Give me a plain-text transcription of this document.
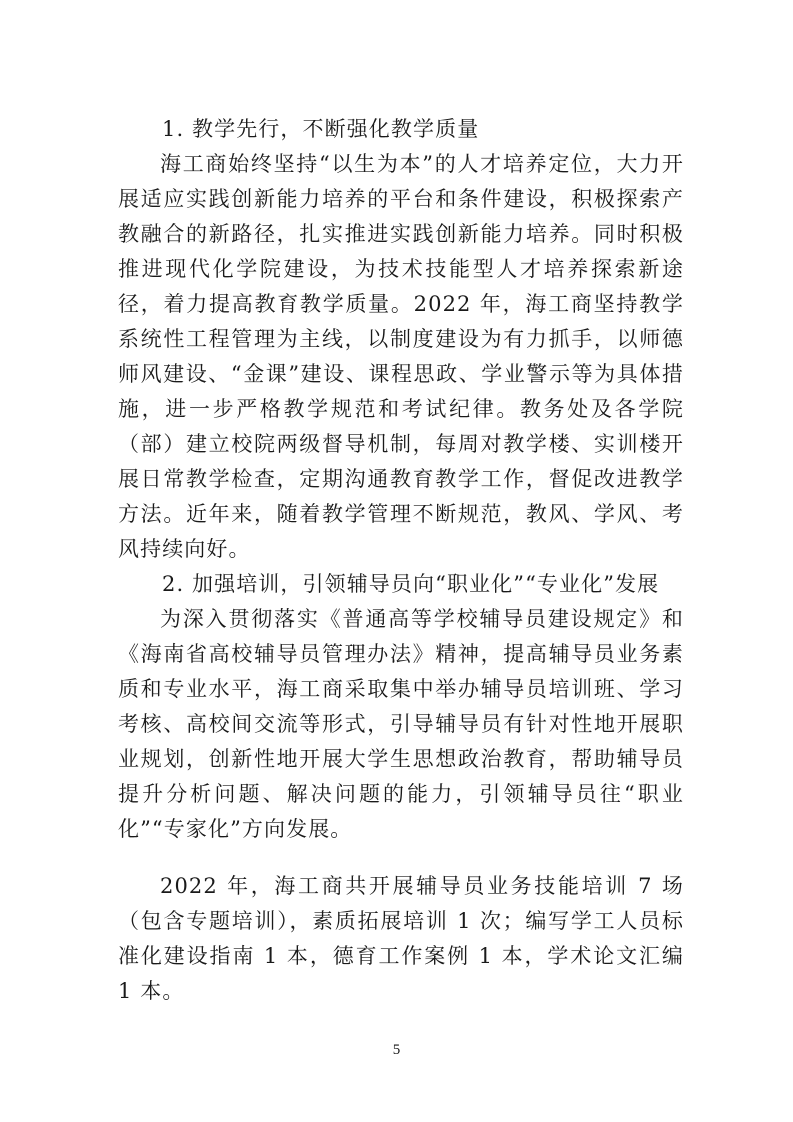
1. 教学先行，不断强化教学质量

海工商始终坚持“以生为本”的人才培养定位，大力开展适应实践创新能力培养的平台和条件建设，积极探索产教融合的新路径，扎实推进实践创新能力培养。同时积极推进现代化学院建设，为技术技能型人才培养探索新途径，着力提高教育教学质量。2022 年，海工商坚持教学系统性工程管理为主线，以制度建设为有力抓手，以师德师风建设、“金课”建设、课程思政、学业警示等为具体措施，进一步严格教学规范和考试纪律。教务处及各学院（部）建立校院两级督导机制，每周对教学楼、实训楼开展日常教学检查，定期沟通教育教学工作，督促改进教学方法。近年来，随着教学管理不断规范，教风、学风、考风持续向好。

2. 加强培训，引领辅导员向“职业化”“专业化”发展

为深入贯彻落实《普通高等学校辅导员建设规定》和《海南省高校辅导员管理办法》精神，提高辅导员业务素质和专业水平，海工商采取集中举办辅导员培训班、学习考核、高校间交流等形式，引导辅导员有针对性地开展职业规划，创新性地开展大学生思想政治教育，帮助辅导员提升分析问题、解决问题的能力，引领辅导员往“职业化”“专家化”方向发展。

2022 年，海工商共开展辅导员业务技能培训 7 场（包含专题培训），素质拓展培训 1 次；编写学工人员标准化建设指南 1 本，德育工作案例 1 本，学术论文汇编 1 本。

5
